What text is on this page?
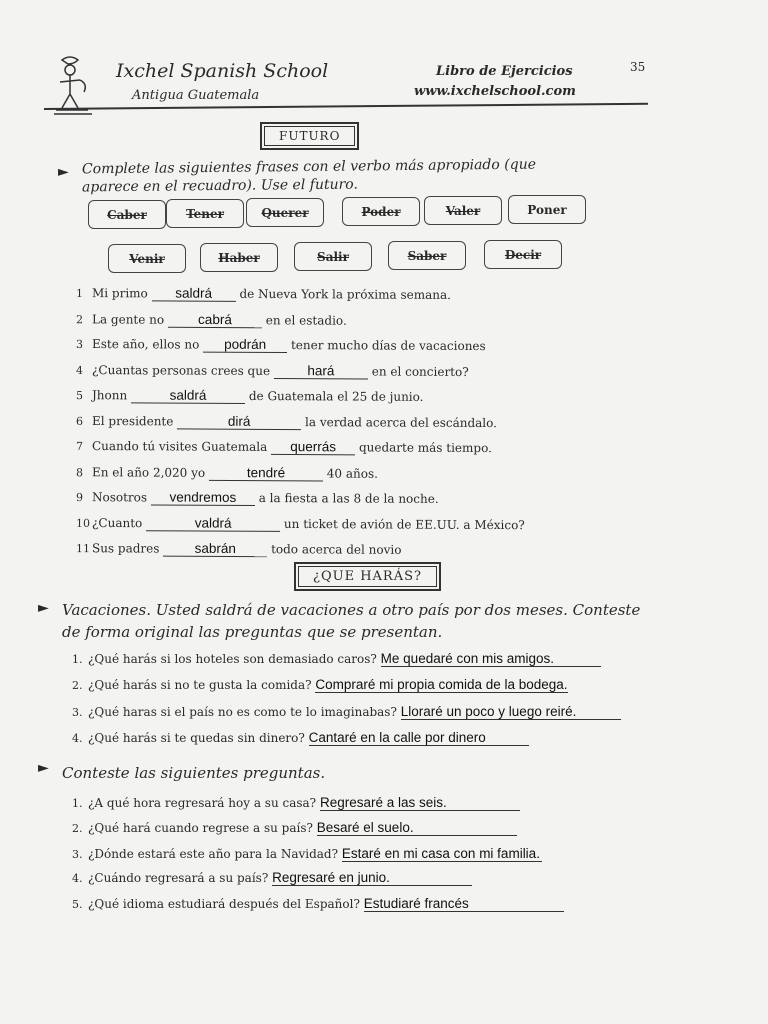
Ixchel Spanish School
Antigua Guatemala
Libro de Ejercicios
www.ixchelschool.com
35
FUTURO
► Complete las siguientes frases con el verbo más apropiado (que
aparece en el recuadro). Use el futuro.
Caber	Tener	Querer	Poder	Valer	Poner
Venir	Haber	Salir	Saber	Decir
1 Mi primo saldrá de Nueva York la próxima semana.
2 La gente no	cabrá	en el estadio.
3 Este año, ellos no podrán tener mucho días de vacaciones
4 ¿Cuantas personas crees que	hará	en el concierto?
5 Jhonn	saldrá	de Guatemala el 25 de junio.
6 El presidente	dirá	la verdad acerca del escándalo.
7 Cuando tú visites Guatemala querrás quedarte más tiempo.
8 En el año 2,020 yo	tendré	40 años.
9 Nosotros vendremos a la fiesta a las 8 de la noche.
10 ¿Cuanto	valdrá	un ticket de avión de EE.UU. a México?
11 Sus padres	sabrán	todo acerca del novio
¿QUE HARÁS?
► Vacaciones. Usted saldrá de vacaciones a otro país por dos meses. Conteste
de forma original las preguntas que se presentan.
1. ¿Qué harás si los hoteles son demasiado caros? Me quedaré con mis amigos.
2. ¿Qué harás si no te gusta la comida? Compraré mi propia comida de la bodega.
3. ¿Qué haras si el país no es como te lo imaginabas? Lloraré un poco y luego reiré.
4. ¿Qué harás si te quedas sin dinero? Cantaré en la calle por dinero
► Conteste las siguientes preguntas.
1. ¿A qué hora regresará hoy a su casa? Regresaré a las seis.
2. ¿Qué hará cuando regrese a su país? Besaré el suelo.
3. ¿Dónde estará este año para la Navidad? Estaré en mi casa con mi familia.
4. ¿Cuándo regresará a su país? Regresaré en junio.
5. ¿Qué idioma estudiará después del Español? Estudiaré francés
